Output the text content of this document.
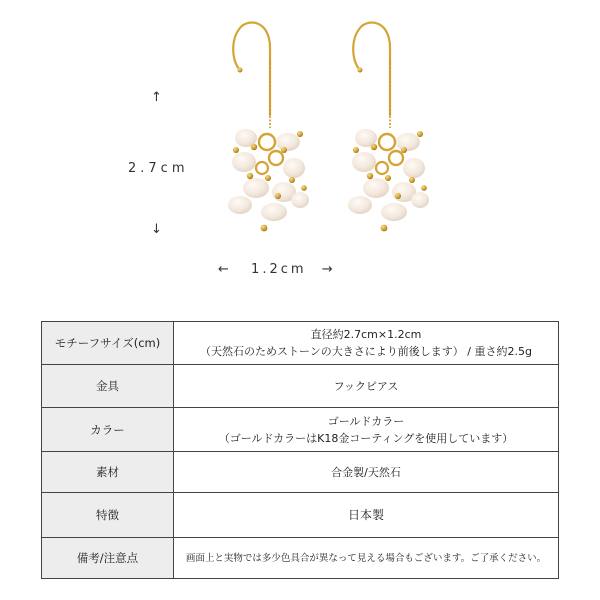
↑
2.7cm
↓
← 1.2cm →
モチーフサイズ(cm)	直径約2.7cm×1.2cm
（天然石のためストーンの大きさにより前後します） / 重さ約2.5g

金具	フックピアス

カラー	ゴールドカラー
（ゴールドカラーはK18金コーティングを使用しています）

素材	合金製/天然石

特徴	日本製

備考/注意点	画面上と実物では多少色具合が異なって見える場合もございます。ご了承ください。
